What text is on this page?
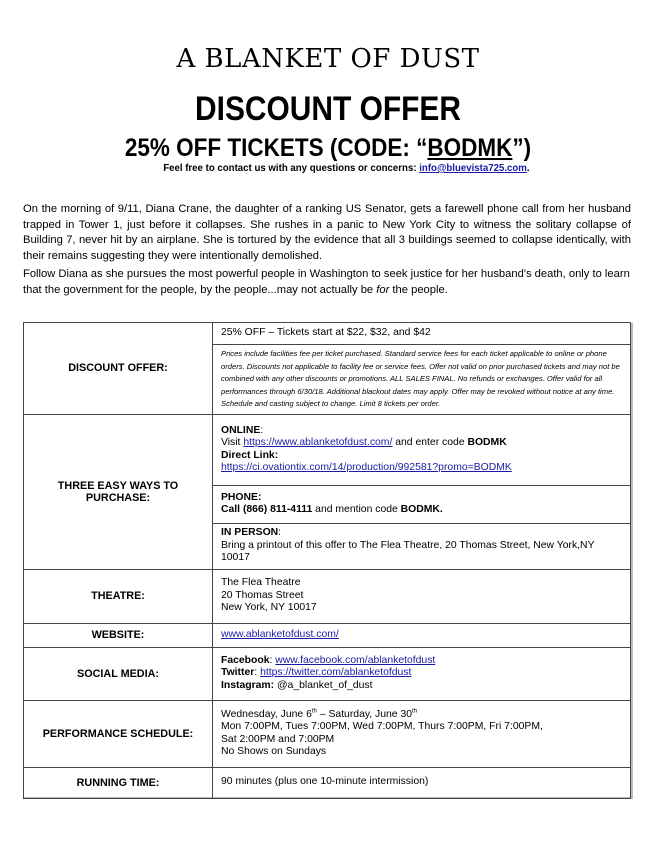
A BLANKET OF DUST
DISCOUNT OFFER
25% OFF TICKETS (CODE: “BODMK”)
Feel free to contact us with any questions or concerns: info@bluevista725.com.
On the morning of 9/11, Diana Crane, the daughter of a ranking US Senator, gets a farewell phone call from her husband trapped in Tower 1, just before it collapses. She rushes in a panic to New York City to witness the solitary collapse of Building 7, never hit by an airplane. She is tortured by the evidence that all 3 buildings seemed to collapse identically, with their remains suggesting they were intentionally demolished.
Follow Diana as she pursues the most powerful people in Washington to seek justice for her husband's death, only to learn that the government for the people, by the people...may not actually be for the people.
DISCOUNT OFFER:	25% OFF – Tickets start at $22, $32, and $42
	Prices include facilities fee per ticket purchased. Standard service fees for each ticket applicable to online or phone orders. Discounts not applicable to facility fee or service fees. Offer not valid on prior purchased tickets and may not be combined with any other discounts or promotions. ALL SALES FINAL. No refunds or exchanges. Offer valid for all performances through 6/30/18. Additional blackout dates may apply. Offer may be revoked without notice at any time. Schedule and casting subject to change. Limit 8 tickets per order.
THREE EASY WAYS TO PURCHASE:	ONLINE:
Visit https://www.ablanketofdust.com/ and enter code BODMK
Direct Link:
https://ci.ovationtix.com/14/production/992581?promo=BODMK

	PHONE:
Call (866) 811-4111 and mention code BODMK.

	IN PERSON:
Bring a printout of this offer to The Flea Theatre, 20 Thomas Street, New York,NY 10017

THEATRE:	The Flea Theatre
20 Thomas Street
New York, NY 10017

WEBSITE:	www.ablanketofdust.com/
SOCIAL MEDIA:	Facebook: www.facebook.com/ablanketofdust
Twitter: https://twitter.com/ablanketofdust
Instagram: @a_blanket_of_dust

PERFORMANCE SCHEDULE:	Wednesday, June 6th – Saturday, June 30th
Mon 7:00PM, Tues 7:00PM, Wed 7:00PM, Thurs 7:00PM, Fri 7:00PM,
Sat 2:00PM and 7:00PM
No Shows on Sundays

RUNNING TIME:	90 minutes (plus one 10-minute intermission)
